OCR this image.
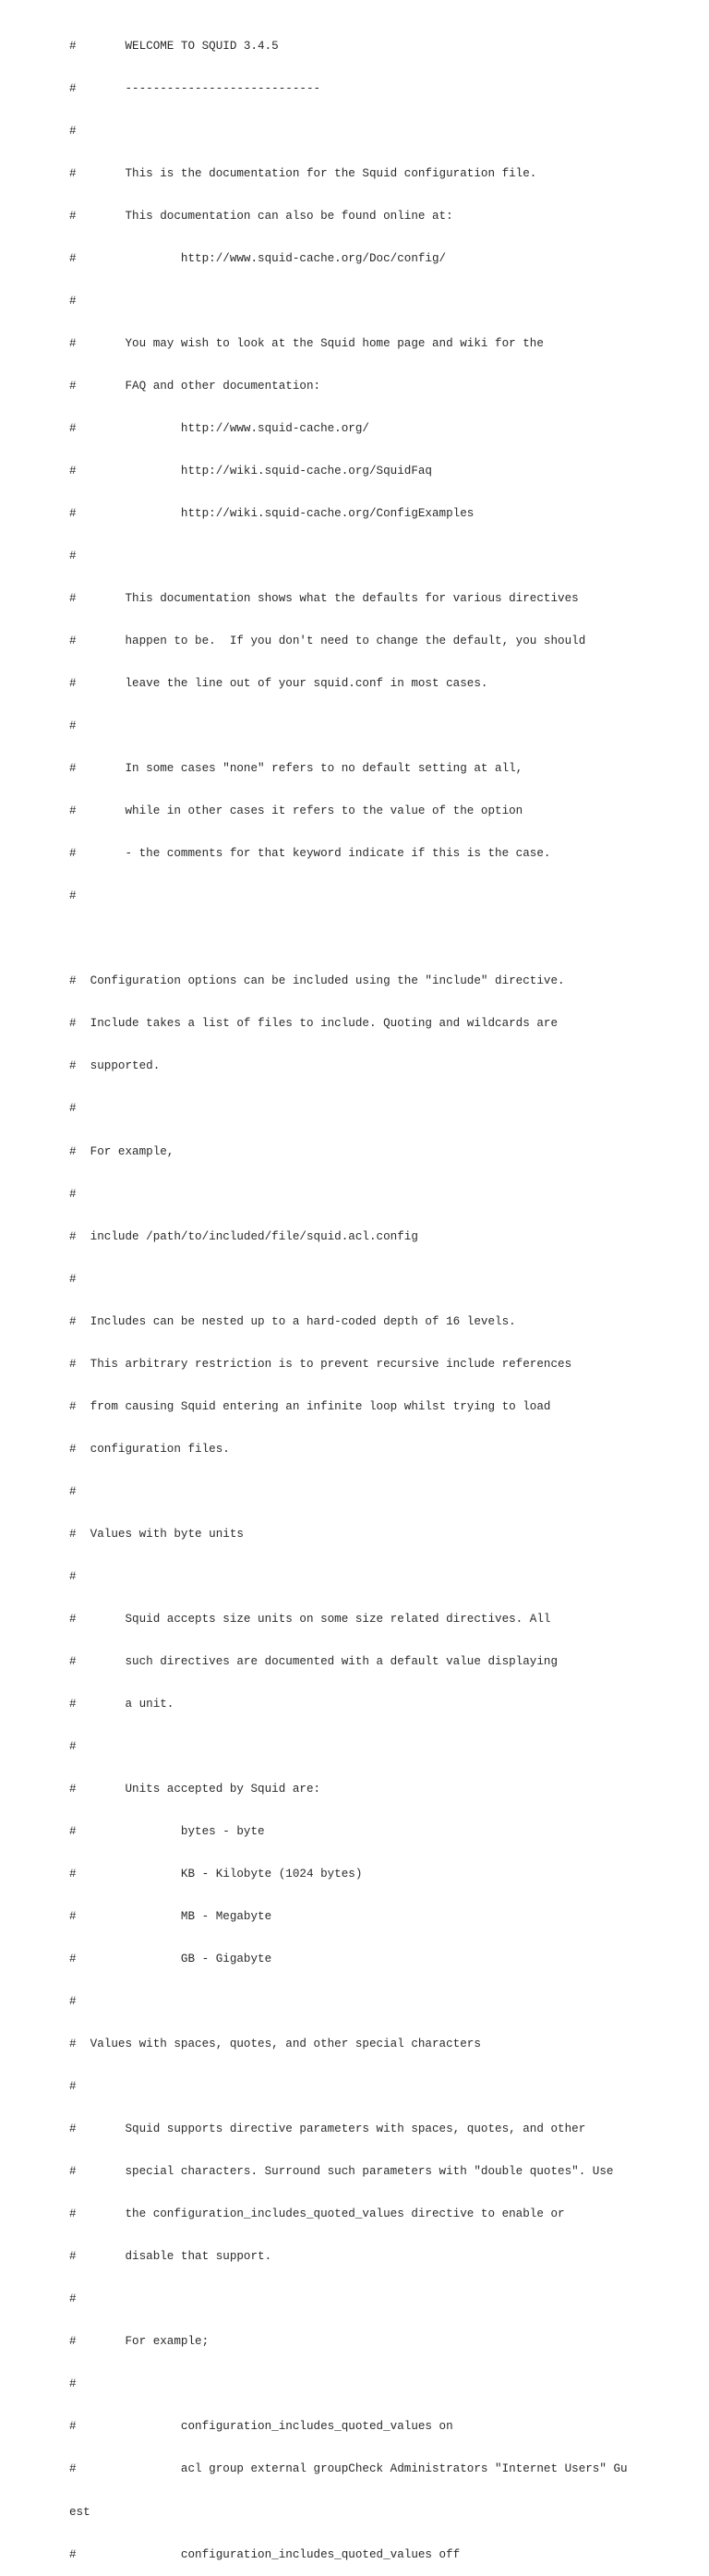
#       WELCOME TO SQUID 3.4.5

#       ----------------------------

#

#       This is the documentation for the Squid configuration file.

#       This documentation can also be found online at:

#               http://www.squid-cache.org/Doc/config/

#

#       You may wish to look at the Squid home page and wiki for the

#       FAQ and other documentation:

#               http://www.squid-cache.org/

#               http://wiki.squid-cache.org/SquidFaq

#               http://wiki.squid-cache.org/ConfigExamples

#

#       This documentation shows what the defaults for various directives

#       happen to be.  If you don't need to change the default, you should

#       leave the line out of your squid.conf in most cases.

#

#       In some cases "none" refers to no default setting at all,

#       while in other cases it refers to the value of the option

#       - the comments for that keyword indicate if this is the case.

#

#  Configuration options can be included using the "include" directive.

#  Include takes a list of files to include. Quoting and wildcards are

#  supported.

#

#  For example,

#

#  include /path/to/included/file/squid.acl.config

#

#  Includes can be nested up to a hard-coded depth of 16 levels.

#  This arbitrary restriction is to prevent recursive include references

#  from causing Squid entering an infinite loop whilst trying to load

#  configuration files.

#

#  Values with byte units

#

#       Squid accepts size units on some size related directives. All

#       such directives are documented with a default value displaying

#       a unit.

#

#       Units accepted by Squid are:

#               bytes - byte

#               KB - Kilobyte (1024 bytes)

#               MB - Megabyte

#               GB - Gigabyte

#

#  Values with spaces, quotes, and other special characters

#

#       Squid supports directive parameters with spaces, quotes, and other

#       special characters. Surround such parameters with "double quotes". Use

#       the configuration_includes_quoted_values directive to enable or

#       disable that support.

#

#       For example;

#

#               configuration_includes_quoted_values on

#               acl group external groupCheck Administrators "Internet Users" Gu

est

#               configuration_includes_quoted_values off
